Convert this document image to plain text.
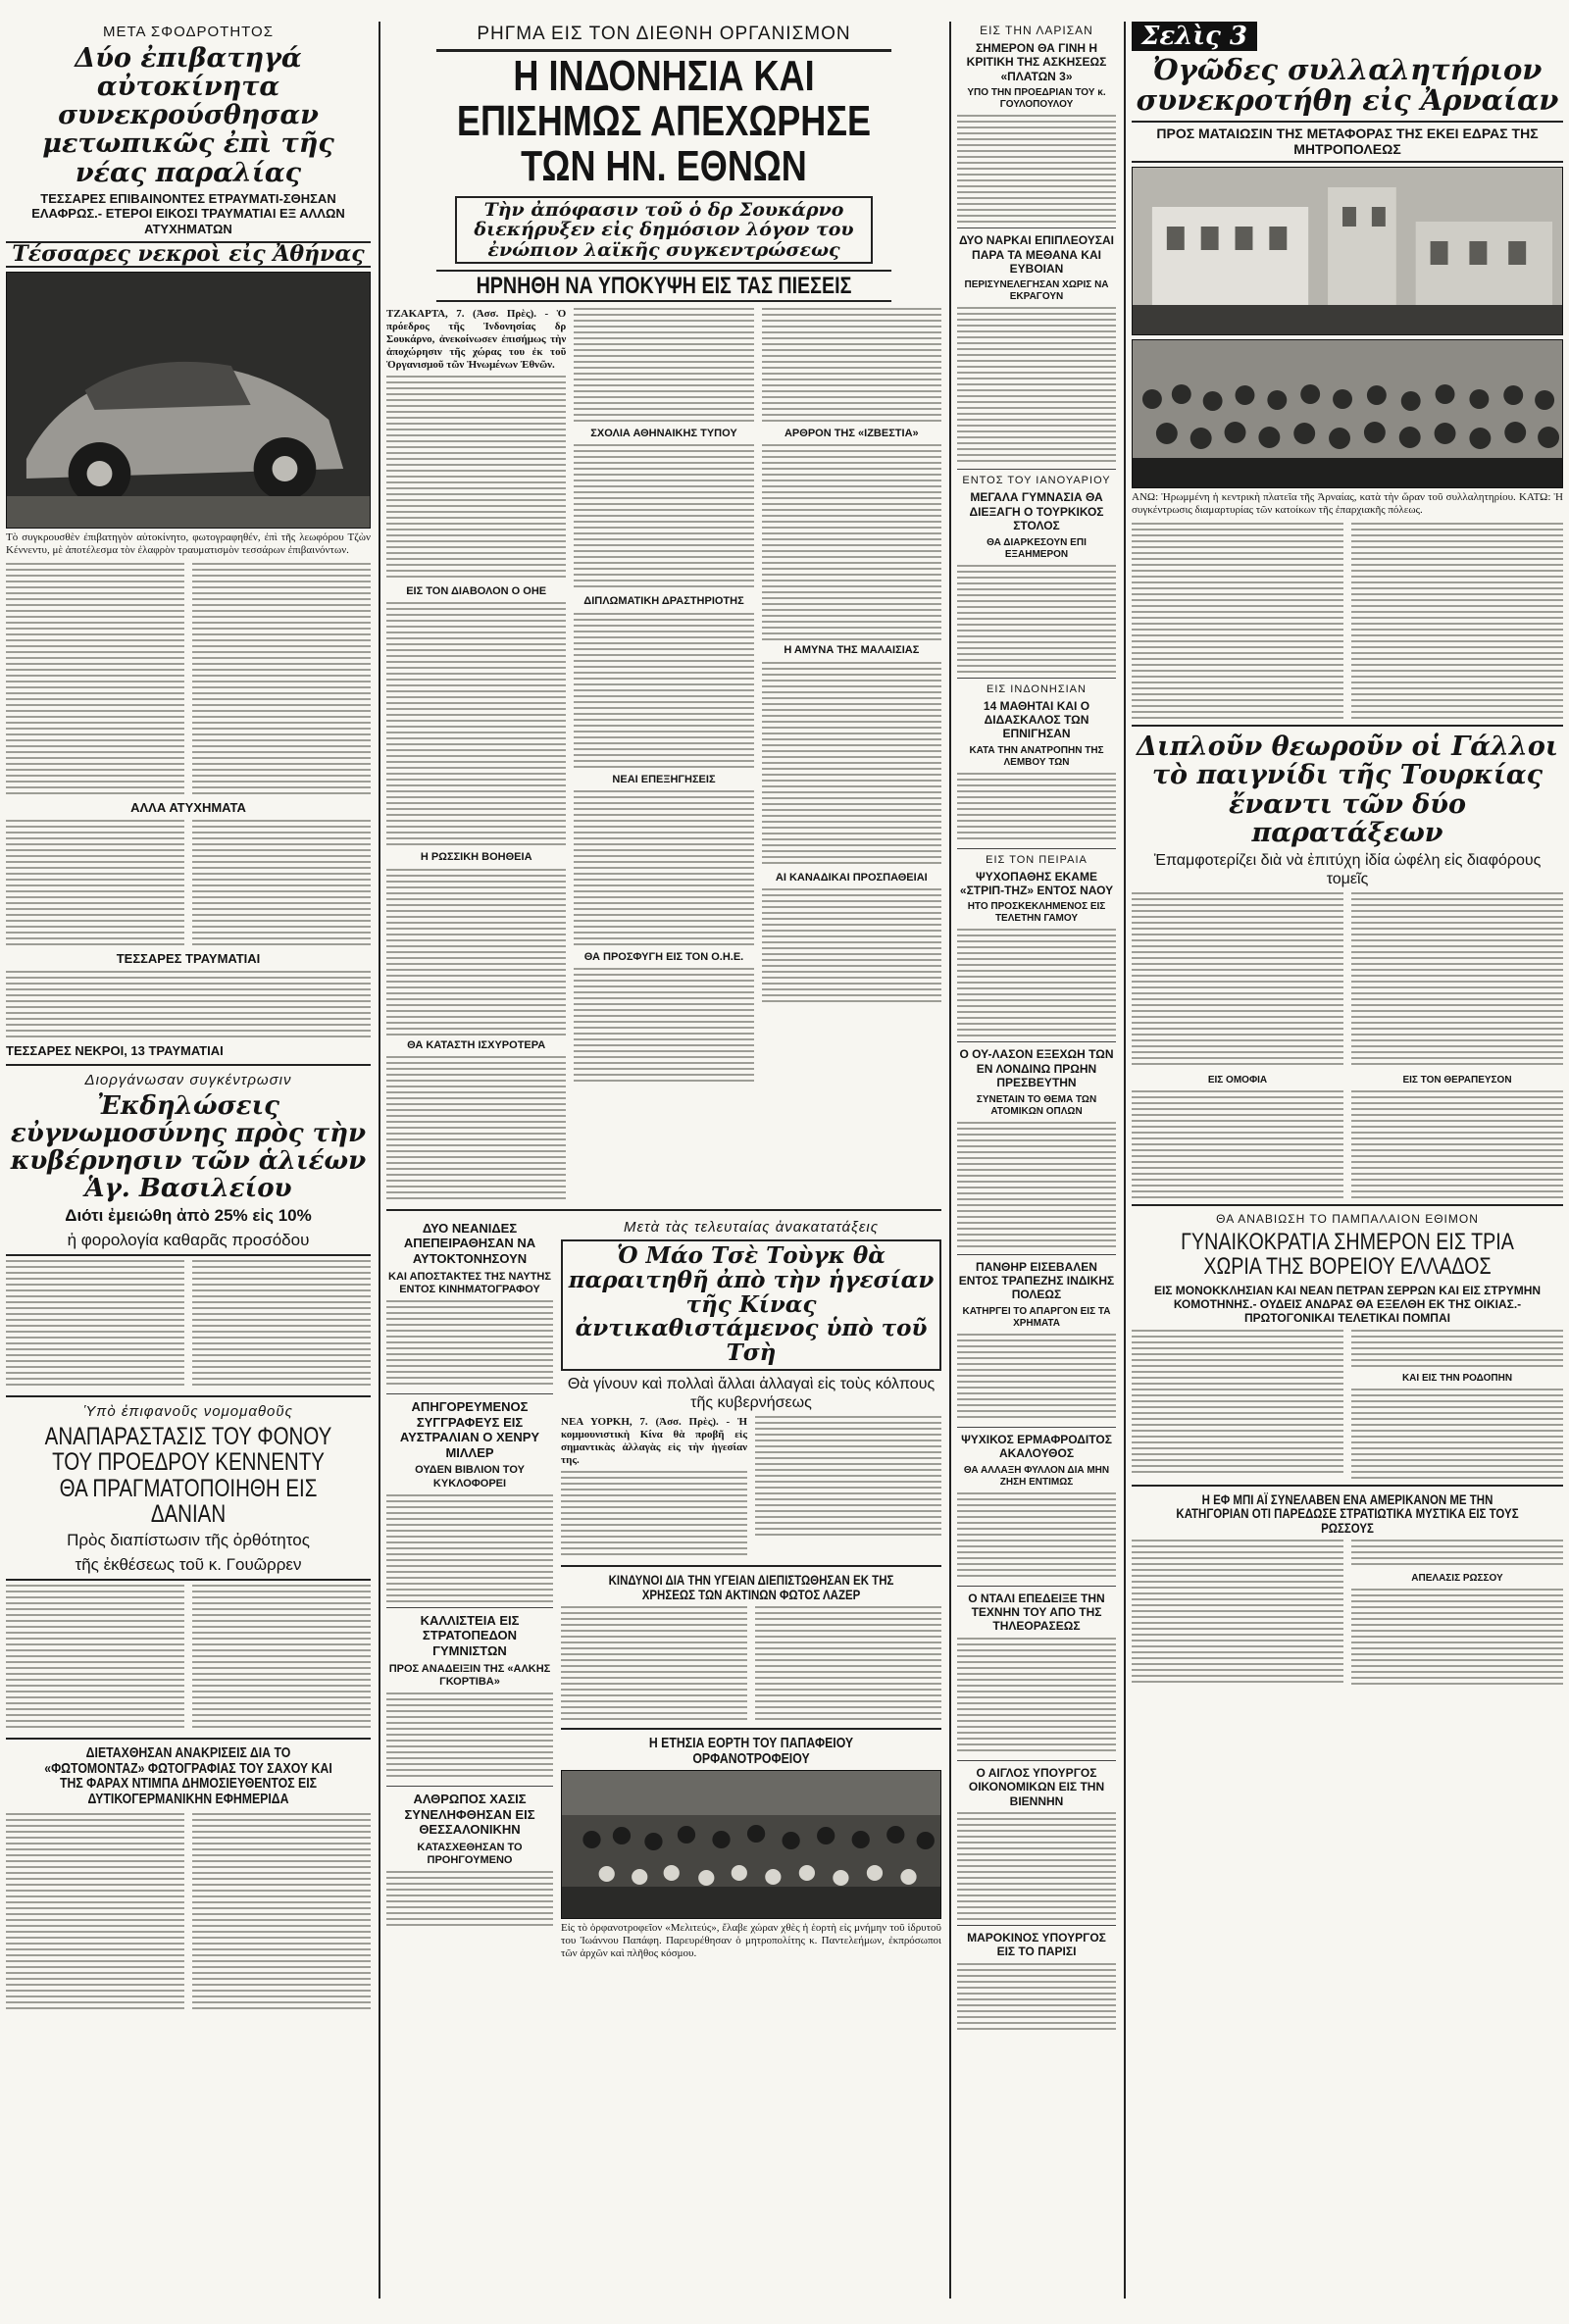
ΜΕΤΑ ΣΦΟΔΡΟΤΗΤΟΣ
Δύο ἐπιβατηγά αὐτοκίνητα συνεκρούσθησαν μετωπικῶς ἐπὶ τῆς νέας παραλίας
ΤΕΣΣΑΡΕΣ ΕΠΙΒΑΙΝΟΝΤΕΣ ΕΤΡΑΥΜΑΤΙ-ΣΘΗΣΑΝ ΕΛΑΦΡΩΣ.- ΕΤΕΡΟΙ ΕΙΚΟΣΙ ΤΡΑΥΜΑΤΙΑΙ ΕΞ ΑΛΛΩΝ ΑΤΥΧΗΜΑΤΩΝ
Τέσσαρες νεκροὶ εἰς Ἀθήνας

Τὸ συγκρουσθὲν ἐπιβατηγὸν αὐτοκίνητο, φωτογραφηθέν, ἐπὶ τῆς λεωφόρου Τζὼν Κέννεντυ, μὲ ἀποτέλεσμα τὸν ἐλαφρὸν τραυματισμὸν τεσσάρων ἐπιβαινόντων.

ΑΛΛΑ ΑΤΥΧΗΜΑΤΑ
ΤΕΣΣΑΡΕΣ ΤΡΑΥΜΑΤΙΑΙ
ΤΕΣΣΑΡΕΣ ΝΕΚΡΟΙ, 13 ΤΡΑΥΜΑΤΙΑΙ
Διοργάνωσαν συγκέντρωσιν
Ἐκδηλώσεις εὐγνωμοσύνης πρὸς τὴν κυβέρνησιν τῶν ἁλιέων Ἁγ. Βασιλείου
Διότι ἐμειώθη ἀπὸ 25% εἰς 10%
ἡ φορολογία καθαρᾶς προσόδου
Ὑπὸ ἐπιφανοῦς νομομαθοῦς
ΑΝΑΠΑΡΑΣΤΑΣΙΣ ΤΟΥ ΦΟΝΟΥ ΤΟΥ ΠΡΟΕΔΡΟΥ ΚΕΝΝΕΝΤΥ ΘΑ ΠΡΑΓΜΑΤΟΠΟΙΗΘΗ ΕΙΣ ΔΑΝΙΑΝ
Πρὸς διαπίστωσιν τῆς ὀρθότητος
τῆς ἐκθέσεως τοῦ κ. Γουῶρρεν
ΔΙΕΤΑΧΘΗΣΑΝ ΑΝΑΚΡΙΣΕΙΣ ΔΙΑ ΤΟ «ΦΩΤΟΜΟΝΤΑΖ» ΦΩΤΟΓΡΑΦΙΑΣ ΤΟΥ ΣΑΧΟΥ ΚΑΙ ΤΗΣ ΦΑΡΑΧ ΝΤΙΜΠΑ ΔΗΜΟΣΙΕΥΘΕΝΤΟΣ ΕΙΣ ΔΥΤΙΚΟΓΕΡΜΑΝΙΚΗΝ ΕΦΗΜΕΡΙΔΑ
ΡΗΓΜΑ ΕΙΣ ΤΟΝ ΔΙΕΘΝΗ ΟΡΓΑΝΙΣΜΟΝ
Η ΙΝΔΟΝΗΣΙΑ ΚΑΙ ΕΠΙΣΗΜΩΣ ΑΠΕΧΩΡΗΣΕ ΤΩΝ ΗΝ. ΕΘΝΩΝ
Τὴν ἀπόφασιν τοῦ ὁ δρ Σουκάρνο διεκήρυξεν εἰς δημόσιον λόγον του ἐνώπιον λαϊκῆς συγκεντρώσεως
ΗΡΝΗΘΗ ΝΑ ΥΠΟΚΥΨΗ ΕΙΣ ΤΑΣ ΠΙΕΣΕΙΣ

ΤΖΑΚΑΡΤΑ, 7. (Ἀσσ. Πρὲς). - Ὁ πρόεδρος τῆς Ἰνδονησίας δρ Σουκάρνο, ἀνεκοίνωσεν ἐπισήμως τὴν ἀποχώρησιν τῆς χώρας του ἐκ τοῦ Ὀργανισμοῦ τῶν Ἡνωμένων Ἐθνῶν.

ΕΙΣ ΤΟΝ ΔΙΑΒΟΛΟΝ Ο ΟΗΕ
Η ΡΩΣΣΙΚΗ ΒΟΗΘΕΙΑ
ΘΑ ΚΑΤΑΣΤΗ ΙΣΧΥΡΟΤΕΡΑ
ΣΧΟΛΙΑ ΑΘΗΝΑΙΚΗΣ ΤΥΠΟΥ
ΔΙΠΛΩΜΑΤΙΚΗ ΔΡΑΣΤΗΡΙΟΤΗΣ
ΝΕΑΙ ΕΠΕΞΗΓΗΣΕΙΣ
ΘΑ ΠΡΟΣΦΥΓΗ ΕΙΣ ΤΟΝ Ο.Η.Ε.
ΑΡΘΡΟΝ ΤΗΣ «ΙΖΒΕΣΤΙΑ»
Η ΑΜΥΝΑ ΤΗΣ ΜΑΛΑΙΣΙΑΣ
ΑΙ ΚΑΝΑΔΙΚΑΙ ΠΡΟΣΠΑΘΕΙΑΙ
ΔΥΟ ΝΕΑΝΙΔΕΣ ΑΠΕΠΕΙΡΑΘΗΣΑΝ ΝΑ ΑΥΤΟΚΤΟΝΗΣΟΥΝ
ΚΑΙ ΑΠΟΣΤΑΚΤΕΣ ΤΗΣ ΝΑΥΤΗΣ ΕΝΤΟΣ ΚΙΝΗΜΑΤΟΓΡΑΦΟΥ
ΑΠΗΓΟΡΕΥΜΕΝΟΣ ΣΥΓΓΡΑΦΕΥΣ ΕΙΣ ΑΥΣΤΡΑΛΙΑΝ Ο ΧΕΝΡΥ ΜΙΛΛΕΡ
ΟΥΔΕΝ ΒΙΒΛΙΟΝ ΤΟΥ ΚΥΚΛΟΦΟΡΕΙ
ΚΑΛΛΙΣΤΕΙΑ ΕΙΣ ΣΤΡΑΤΟΠΕΔΟΝ ΓΥΜΝΙΣΤΩΝ
ΠΡΟΣ ΑΝΑΔΕΙΞΙΝ ΤΗΣ «ΑΛΚΗΣ ΓΚΟΡΤΙΒΑ»
ΑΛΘΡΩΠΟΣ ΧΑΣΙΣ ΣΥΝΕΛΗΦΘΗΣΑΝ ΕΙΣ ΘΕΣΣΑΛΟΝΙΚΗΝ
ΚΑΤΑΣΧΕΘΗΣΑΝ ΤΟ ΠΡΟΗΓΟΥΜΕΝΟ
Μετὰ τὰς τελευταίας ἀνακατατάξεις
Ὁ Μάο Τσὲ Τοὺγκ θὰ παραιτηθῆ ἀπὸ τὴν ἡγεσίαν τῆς Κίνας ἀντικαθιστάμενος ὑπὸ τοῦ Τσὴ
Θὰ γίνουν καὶ πολλαὶ ἄλλαι ἀλλαγαὶ εἰς τοὺς κόλπους τῆς κυβερνήσεως

ΝΕΑ ΥΟΡΚΗ, 7. (Ἀσσ. Πρὲς). - Ἡ κομμουνιστικὴ Κίνα θὰ προβῆ εἰς σημαντικὰς ἀλλαγὰς εἰς τὴν ἡγεσίαν της.

ΚΙΝΔΥΝΟΙ ΔΙΑ ΤΗΝ ΥΓΕΙΑΝ ΔΙΕΠΙΣΤΩΘΗΣΑΝ ΕΚ ΤΗΣ ΧΡΗΣΕΩΣ ΤΩΝ ΑΚΤΙΝΩΝ ΦΩΤΟΣ ΛΑΖΕΡ
Η ΕΤΗΣΙΑ ΕΟΡΤΗ ΤΟΥ ΠΑΠΑΦΕΙΟΥ ΟΡΦΑΝΟΤΡΟΦΕΙΟΥ

Εἰς τὸ ὀρφανοτροφεῖον «Μελιτεύς», ἔλαβε χώραν χθὲς ἡ ἑορτὴ εἰς μνήμην τοῦ ἱδρυτοῦ του Ἰωάννου Παπάφη. Παρευρέθησαν ὁ μητροπολίτης κ. Παντελεήμων, ἐκπρόσωποι τῶν ἀρχῶν καὶ πλῆθος κόσμου.

ΕΙΣ ΤΗΝ ΛΑΡΙΣΑΝ
ΣΗΜΕΡΟΝ ΘΑ ΓΙΝΗ Η ΚΡΙΤΙΚΗ ΤΗΣ ΑΣΚΗΣΕΩΣ «ΠΛΑΤΩΝ 3»
ΥΠΟ ΤΗΝ ΠΡΟΕΔΡΙΑΝ ΤΟΥ κ. ΓΟΥΛΟΠΟΥΛΟΥ
ΔΥΟ ΝΑΡΚΑΙ ΕΠΙΠΛΕΟΥΣΑΙ ΠΑΡΑ ΤΑ ΜΕΘΑΝΑ ΚΑΙ ΕΥΒΟΙΑΝ
ΠΕΡΙΣΥΝΕΛΕΓΗΣΑΝ ΧΩΡΙΣ ΝΑ ΕΚΡΑΓΟΥΝ
ΕΝΤΟΣ ΤΟΥ ΙΑΝΟΥΑΡΙΟΥ
ΜΕΓΑΛΑ ΓΥΜΝΑΣΙΑ ΘΑ ΔΙΕΞΑΓΗ Ο ΤΟΥΡΚΙΚΟΣ ΣΤΟΛΟΣ
ΘΑ ΔΙΑΡΚΕΣΟΥΝ ΕΠΙ ΕΞΑΗΜΕΡΟΝ
ΕΙΣ ΙΝΔΟΝΗΣΙΑΝ
14 ΜΑΘΗΤΑΙ ΚΑΙ Ο ΔΙΔΑΣΚΑΛΟΣ ΤΩΝ ΕΠΝΙΓΗΣΑΝ
ΚΑΤΑ ΤΗΝ ΑΝΑΤΡΟΠΗΝ ΤΗΣ ΛΕΜΒΟΥ ΤΩΝ
ΕΙΣ ΤΟΝ ΠΕΙΡΑΙΑ
ΨΥΧΟΠΑΘΗΣ ΕΚΑΜΕ «ΣΤΡΙΠ-ΤΗΖ» ΕΝΤΟΣ ΝΑΟΥ
ΗΤΟ ΠΡΟΣΚΕΚΛΗΜΕΝΟΣ ΕΙΣ ΤΕΛΕΤΗΝ ΓΑΜΟΥ
Ο ΟΥ-ΛΑΣΟΝ ΕΞΕΧΩΗ ΤΩΝ ΕΝ ΛΟΝΔΙΝΩ ΠΡΩΗΝ ΠΡΕΣΒΕΥΤΗΝ
ΣΥΝΕΤΑΙΝ ΤΟ ΘΕΜΑ ΤΩΝ ΑΤΟΜΙΚΩΝ ΟΠΛΩΝ
ΠΑΝΘΗΡ ΕΙΣΕΒΑΛΕΝ ΕΝΤΟΣ ΤΡΑΠΕΖΗΣ ΙΝΔΙΚΗΣ ΠΟΛΕΩΣ
ΚΑΤΗΡΓΕΙ ΤΟ ΑΠΑΡΓΟΝ ΕΙΣ ΤΑ ΧΡΗΜΑΤΑ
ΨΥΧΙΚΟΣ ΕΡΜΑΦΡΟΔΙΤΟΣ ΑΚΑΛΟΥΘΟΣ
ΘΑ ΑΛΛΑΞΗ ΦΥΛΛΟΝ ΔΙΑ ΜΗΝ ΖΗΣΗ ΕΝΤΙΜΩΣ
Ο ΝΤΑΛΙ ΕΠΕΔΕΙΞΕ ΤΗΝ ΤΕΧΝΗΝ ΤΟΥ ΑΠΟ ΤΗΣ ΤΗΛΕΟΡΑΣΕΩΣ
Ο ΑΙΓΛΟΣ ΥΠΟΥΡΓΟΣ ΟΙΚΟΝΟΜΙΚΩΝ ΕΙΣ ΤΗΝ ΒΙΕΝΝΗΝ
ΜΑΡΟΚΙΝΟΣ ΥΠΟΥΡΓΟΣ ΕΙΣ ΤΟ ΠΑΡΙΣΙ
Σελὶς 3
Ὀγῶδες συλλαλητήριον συνεκροτήθη εἰς Ἀρναίαν
ΠΡΟΣ ΜΑΤΑΙΩΣΙΝ ΤΗΣ ΜΕΤΑΦΟΡΑΣ ΤΗΣ ΕΚΕΙ ΕΔΡΑΣ ΤΗΣ ΜΗΤΡΟΠΟΛΕΩΣ

ΑΝΩ: Ἠρωμμένη ἡ κεντρικὴ πλατεῖα τῆς Ἀρναίας, κατὰ τὴν ὥραν τοῦ συλλαλητηρίου. ΚΑΤΩ: Ἡ συγκέντρωσις διαμαρτυρίας τῶν κατοίκων τῆς ἐπαρχιακῆς πόλεως.

Διπλοῦν θεωροῦν οἱ Γάλλοι τὸ παιγνίδι τῆς Τουρκίας ἔναντι τῶν δύο παρατάξεων
Ἐπαμφοτερίζει διὰ νὰ ἐπιτύχη ἰδία ὠφέλη εἰς διαφόρους τομεῖς
ΕΙΣ ΟΜΟΦΙΑ	ΕΙΣ ΤΟΝ ΘΕΡΑΠΕΥΣΟΝ
ΘΑ ΑΝΑΒΙΩΣΗ ΤΟ ΠΑΜΠΑΛΑΙΟΝ ΕΘΙΜΟΝ
ΓΥΝΑΙΚΟΚΡΑΤΙΑ ΣΗΜΕΡΟΝ ΕΙΣ ΤΡΙΑ ΧΩΡΙΑ ΤΗΣ ΒΟΡΕΙΟΥ ΕΛΛΑΔΟΣ
ΕΙΣ ΜΟΝΟΚΚΛΗΣΙΑΝ ΚΑΙ ΝΕΑΝ ΠΕΤΡΑΝ ΣΕΡΡΩΝ ΚΑΙ ΕΙΣ ΣΤΡΥΜΗΝ ΚΟΜΟΤΗΝΗΣ.- ΟΥΔΕΙΣ ΑΝΔΡΑΣ ΘΑ ΕΞΕΛΘΗ ΕΚ ΤΗΣ ΟΙΚΙΑΣ.- ΠΡΩΤΟΓΟΝΙΚΑΙ ΤΕΛΕΤΙΚΑΙ ΠΟΜΠΑΙ
ΚΑΙ ΕΙΣ ΤΗΝ ΡΟΔΟΠΗΝ
Η ΕΦ ΜΠΙ ΑΪ ΣΥΝΕΛΑΒΕΝ ΕΝΑ ΑΜΕΡΙΚΑΝΟΝ ΜΕ ΤΗΝ ΚΑΤΗΓΟΡΙΑΝ ΟΤΙ ΠΑΡΕΔΩΣΕ ΣΤΡΑΤΙΩΤΙΚΑ ΜΥΣΤΙΚΑ ΕΙΣ ΤΟΥΣ ΡΩΣΣΟΥΣ
ΑΠΕΛΑΣΙΣ ΡΩΣΣΟΥ
